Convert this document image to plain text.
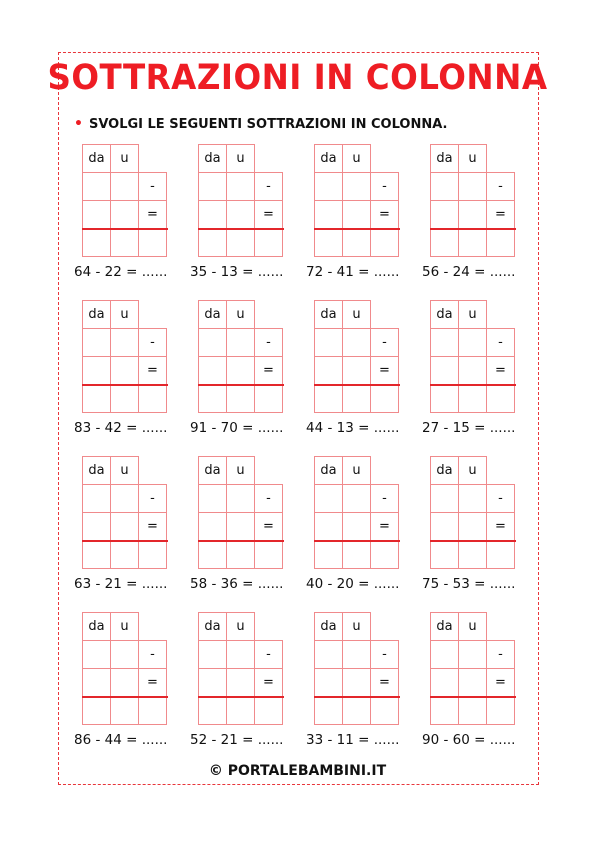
SOTTRAZIONI IN COLONNA
• SVOLGI LE SEGUENTI SOTTRAZIONI IN COLONNA.
da	u
-
=
64 - 22 = ......
da	u
-
=
35 - 13 = ......
da	u
-
=
72 - 41 = ......
da	u
-
=
56 - 24 = ......
da	u
-
=
83 - 42 = ......
da	u
-
=
91 - 70 = ......
da	u
-
=
44 - 13 = ......
da	u
-
=
27 - 15 = ......
da	u
-
=
63 - 21 = ......
da	u
-
=
58 - 36 = ......
da	u
-
=
40 - 20 = ......
da	u
-
=
75 - 53 = ......
da	u
-
=
86 - 44 = ......
da	u
-
=
52 - 21 = ......
da	u
-
=
33 - 11 = ......
da	u
-
=
90 - 60 = ......
© PORTALEBAMBINI.IT
